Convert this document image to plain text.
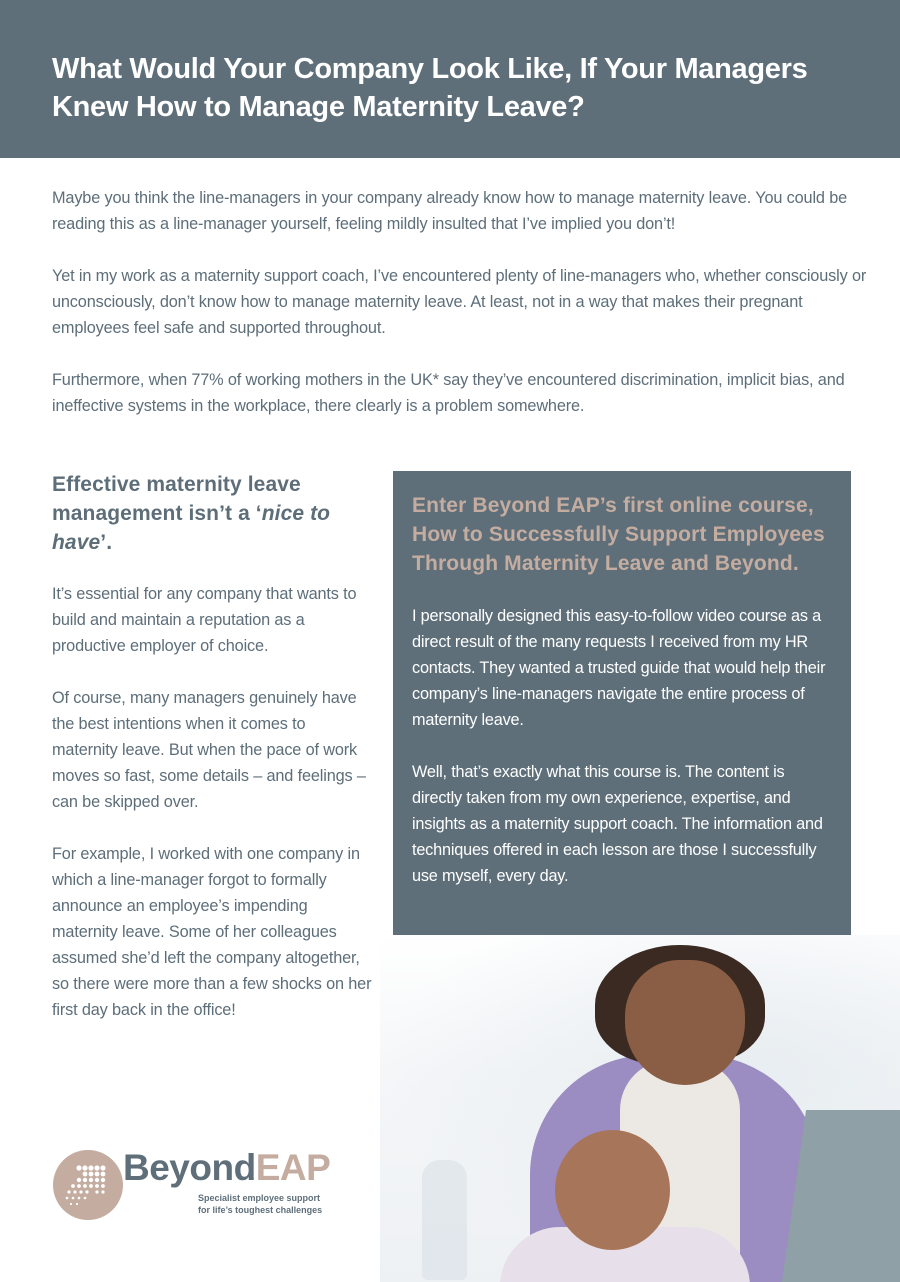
What Would Your Company Look Like, If Your Managers Knew How to Manage Maternity Leave?

Maybe you think the line-managers in your company already know how to manage maternity leave. You could be reading this as a line-manager yourself, feeling mildly insulted that I’ve implied you don’t!

Yet in my work as a maternity support coach, I’ve encountered plenty of line-managers who, whether consciously or unconsciously, don’t know how to manage maternity leave. At least, not in a way that makes their pregnant employees feel safe and supported throughout.

Furthermore, when 77% of working mothers in the UK* say they’ve encountered discrimination, implicit bias, and ineffective systems in the workplace, there clearly is a problem somewhere.

Effective maternity leave management isn’t a ‘nice to have’.

It’s essential for any company that wants to build and maintain a reputation as a productive employer of choice.

Of course, many managers genuinely have the best intentions when it comes to maternity leave. But when the pace of work moves so fast, some details – and feelings – can be skipped over.

For example, I worked with one company in which a line-manager forgot to formally announce an employee’s impending maternity leave. Some of her colleagues assumed she’d left the company altogether, so there were more than a few shocks on her first day back in the office!

Enter Beyond EAP’s first online course, How to Successfully Support Employees Through Maternity Leave and Beyond.

I personally designed this easy-to-follow video course as a direct result of the many requests I received from my HR contacts. They wanted a trusted guide that would help their company’s line-managers navigate the entire process of maternity leave.

Well, that’s exactly what this course is. The content is directly taken from my own experience, expertise, and insights as a maternity support coach. The information and techniques offered in each lesson are those I successfully use myself, every day.

BeyondEAP
Specialist employee support
for life’s toughest challenges
